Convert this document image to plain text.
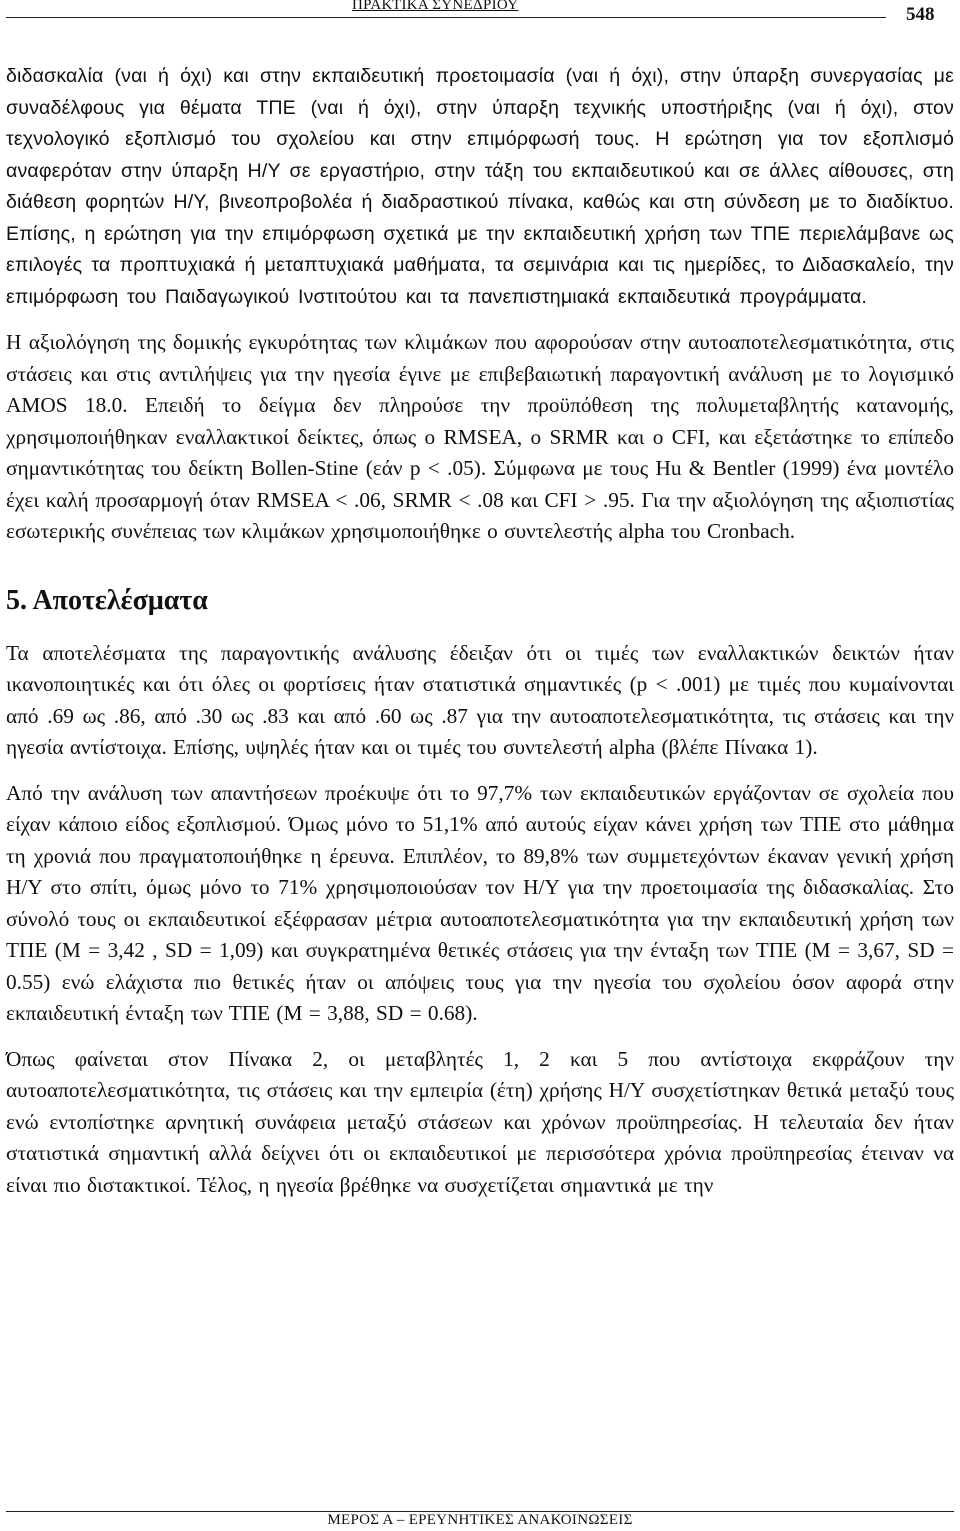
ΠΡΑΚΤΙΚΑ ΣΥΝΕΔΡΙΟΥ	548

διδασκαλία (ναι ή όχι) και στην εκπαιδευτική προετοιμασία (ναι ή όχι), στην ύπαρξη συνεργασίας με συναδέλφους για θέματα ΤΠΕ (ναι ή όχι), στην ύπαρξη τεχνικής υποστήριξης (ναι ή όχι), στον τεχνολογικό εξοπλισμό του σχολείου και στην επιμόρφωσή τους. Η ερώτηση για τον εξοπλισμό αναφερόταν στην ύπαρξη Η/Υ σε εργαστήριο, στην τάξη του εκπαιδευτικού και σε άλλες αίθουσες, στη διάθεση φορητών Η/Υ, βινεοπροβολέα ή διαδραστικού πίνακα, καθώς και στη σύνδεση με το διαδίκτυο. Επίσης, η ερώτηση για την επιμόρφωση σχετικά με την εκπαιδευτική χρήση των ΤΠΕ περιελάμβανε ως επιλογές τα προπτυχιακά ή μεταπτυχιακά μαθήματα, τα σεμινάρια και τις ημερίδες, το Διδασκαλείο, την επιμόρφωση του Παιδαγωγικού Ινστιτούτου και τα πανεπιστημιακά εκπαιδευτικά προγράμματα.

Η αξιολόγηση της δομικής εγκυρότητας των κλιμάκων που αφορούσαν στην αυτοαποτελεσματικότητα, στις στάσεις και στις αντιλήψεις για την ηγεσία έγινε με επιβεβαιωτική παραγοντική ανάλυση με το λογισμικό AMOS 18.0. Επειδή το δείγμα δεν πληρούσε την προϋπόθεση της πολυμεταβλητής κατανομής, χρησιμοποιήθηκαν εναλλακτικοί δείκτες, όπως ο RMSEA, ο SRMR και ο CFI, και εξετάστηκε το επίπεδο σημαντικότητας του δείκτη Bollen-Stine (εάν p < .05). Σύμφωνα με τους Hu & Bentler (1999) ένα μοντέλο έχει καλή προσαρμογή όταν RMSEA < .06, SRMR < .08 και CFI > .95. Για την αξιολόγηση της αξιοπιστίας εσωτερικής συνέπειας των κλιμάκων χρησιμοποιήθηκε ο συντελεστής alpha του Cronbach.

5. Αποτελέσματα

Τα αποτελέσματα της παραγοντικής ανάλυσης έδειξαν ότι οι τιμές των εναλλακτικών δεικτών ήταν ικανοποιητικές και ότι όλες οι φορτίσεις ήταν στατιστικά σημαντικές (p < .001) με τιμές που κυμαίνονται από .69 ως .86, από .30 ως .83 και από .60 ως .87 για την αυτοαποτελεσματικότητα, τις στάσεις και την ηγεσία αντίστοιχα. Επίσης, υψηλές ήταν και οι τιμές του συντελεστή alpha (βλέπε Πίνακα 1).

Από την ανάλυση των απαντήσεων προέκυψε ότι το 97,7% των εκπαιδευτικών εργάζονταν σε σχολεία που είχαν κάποιο είδος εξοπλισμού. Όμως μόνο το 51,1% από αυτούς είχαν κάνει χρήση των ΤΠΕ στο μάθημα τη χρονιά που πραγματοποιήθηκε η έρευνα. Επιπλέον, το 89,8% των συμμετεχόντων έκαναν γενική χρήση Η/Υ στο σπίτι, όμως μόνο το 71% χρησιμοποιούσαν τον Η/Υ για την προετοιμασία της διδασκαλίας. Στο σύνολό τους οι εκπαιδευτικοί εξέφρασαν μέτρια αυτοαποτελεσματικότητα για την εκπαιδευτική χρήση των ΤΠΕ (M = 3,42 , SD = 1,09) και συγκρατημένα θετικές στάσεις για την ένταξη των ΤΠΕ (M = 3,67, SD = 0.55) ενώ ελάχιστα πιο θετικές ήταν οι απόψεις τους για την ηγεσία του σχολείου όσον αφορά στην εκπαιδευτική ένταξη των ΤΠΕ (M = 3,88, SD = 0.68).

Όπως φαίνεται στον Πίνακα 2, οι μεταβλητές 1, 2 και 5 που αντίστοιχα εκφράζουν την αυτοαποτελεσματικότητα, τις στάσεις και την εμπειρία (έτη) χρήσης Η/Υ συσχετίστηκαν θετικά μεταξύ τους ενώ εντοπίστηκε αρνητική συνάφεια μεταξύ στάσεων και χρόνων προϋπηρεσίας. Η τελευταία δεν ήταν στατιστικά σημαντική αλλά δείχνει ότι οι εκπαιδευτικοί με περισσότερα χρόνια προϋπηρεσίας έτειναν να είναι πιο διστακτικοί. Τέλος, η ηγεσία βρέθηκε να συσχετίζεται σημαντικά με την

ΜΕΡΟΣ Α – ΕΡΕΥΝΗΤΙΚΕΣ ΑΝΑΚΟΙΝΩΣΕΙΣ
